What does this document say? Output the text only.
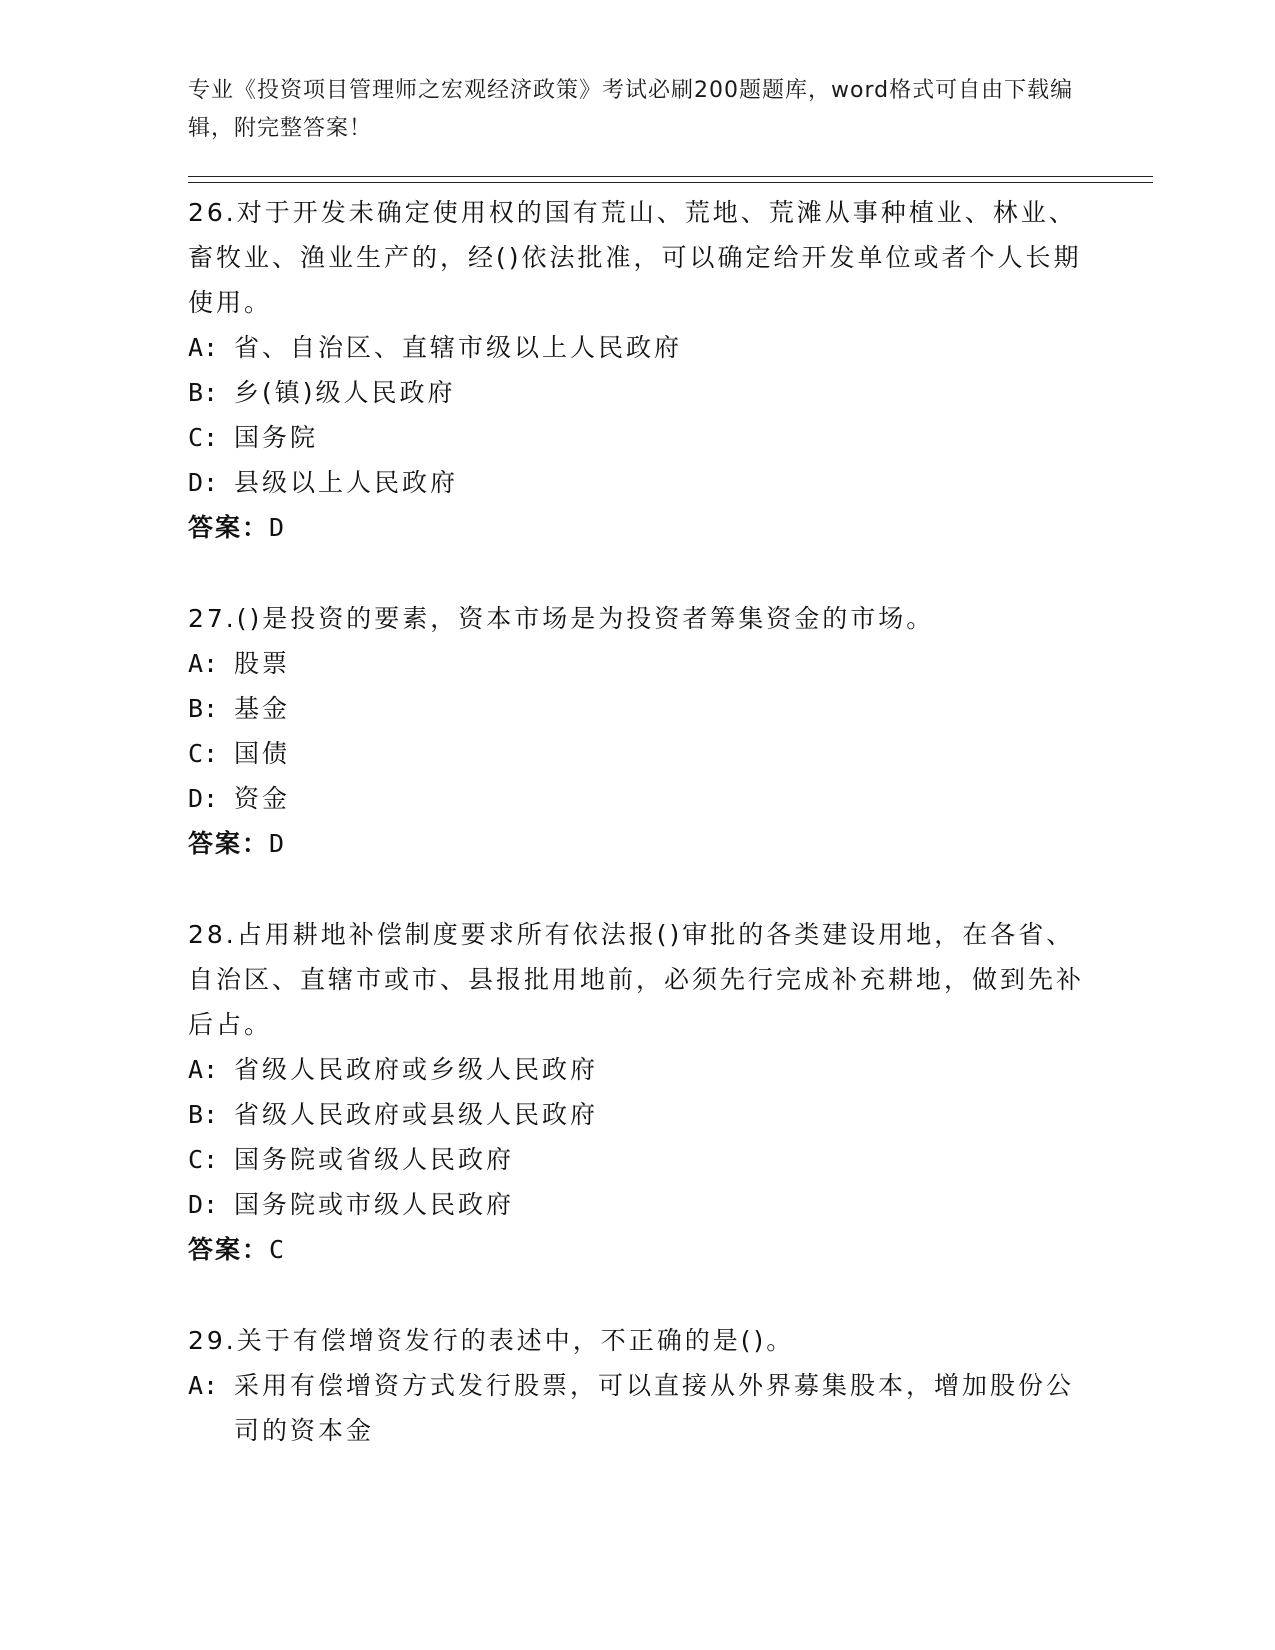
专业《投资项目管理师之宏观经济政策》考试必刷200题题库，word格式可自由下载编辑，附完整答案！

26.对于开发未确定使用权的国有荒山、荒地、荒滩从事种植业、林业、畜牧业、渔业生产的，经()依法批准，可以确定给开发单位或者个人长期使用。

A: 省、自治区、直辖市级以上人民政府
B: 乡(镇)级人民政府
C: 国务院
D: 县级以上人民政府

答案：D

27.()是投资的要素，资本市场是为投资者筹集资金的市场。

A: 股票
B: 基金
C: 国债
D: 资金

答案：D

28.占用耕地补偿制度要求所有依法报()审批的各类建设用地，在各省、自治区、直辖市或市、县报批用地前，必须先行完成补充耕地，做到先补后占。

A: 省级人民政府或乡级人民政府
B: 省级人民政府或县级人民政府
C: 国务院或省级人民政府
D: 国务院或市级人民政府

答案：C

29.关于有偿增资发行的表述中，不正确的是()。

A: 采用有偿增资方式发行股票，可以直接从外界募集股本，增加股份公司的资本金
